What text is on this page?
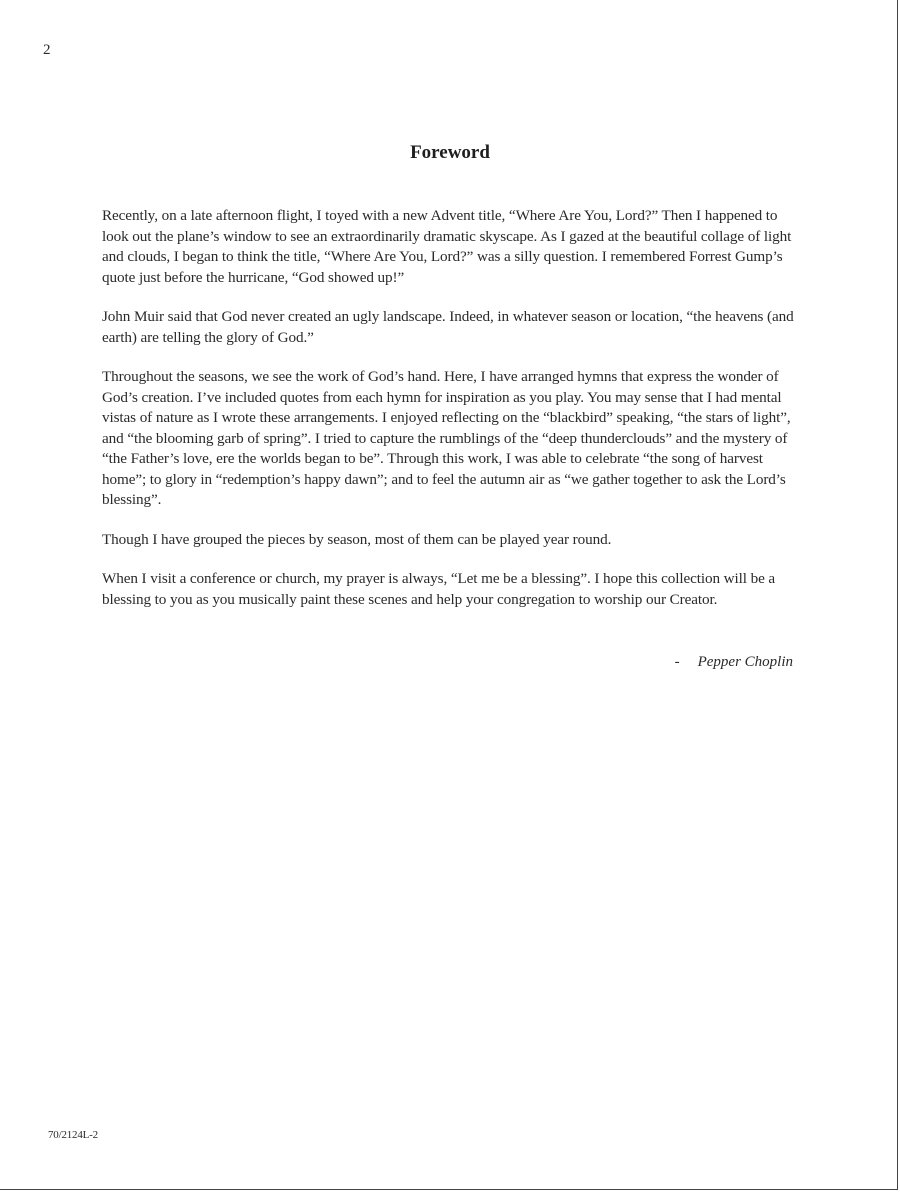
2
Foreword

Recently, on a late afternoon flight, I toyed with a new Advent title, “Where Are You, Lord?” Then I happened to look out the plane’s window to see an extraordinarily dramatic skyscape. As I gazed at the beautiful collage of light and clouds, I began to think the title, “Where Are You, Lord?” was a silly question. I remembered Forrest Gump’s quote just before the hurricane, “God showed up!”

John Muir said that God never created an ugly landscape. Indeed, in whatever season or location, “the heavens (and earth) are telling the glory of God.”

Throughout the seasons, we see the work of God’s hand. Here, I have arranged hymns that express the wonder of God’s creation. I’ve included quotes from each hymn for inspiration as you play. You may sense that I had mental vistas of nature as I wrote these arrangements. I enjoyed reflecting on the “blackbird” speaking, “the stars of light”, and “the blooming garb of spring”. I tried to capture the rumblings of the “deep thunderclouds” and the mystery of “the Father’s love, ere the worlds began to be”. Through this work, I was able to celebrate “the song of harvest home”; to glory in “redemption’s happy dawn”; and to feel the autumn air as “we gather together to ask the Lord’s blessing”.

Though I have grouped the pieces by season, most of them can be played year round.

When I visit a conference or church, my prayer is always, “Let me be a blessing”. I hope this collection will be a blessing to you as you musically paint these scenes and help your congregation to worship our Creator.

- Pepper Choplin
70/2124L-2
